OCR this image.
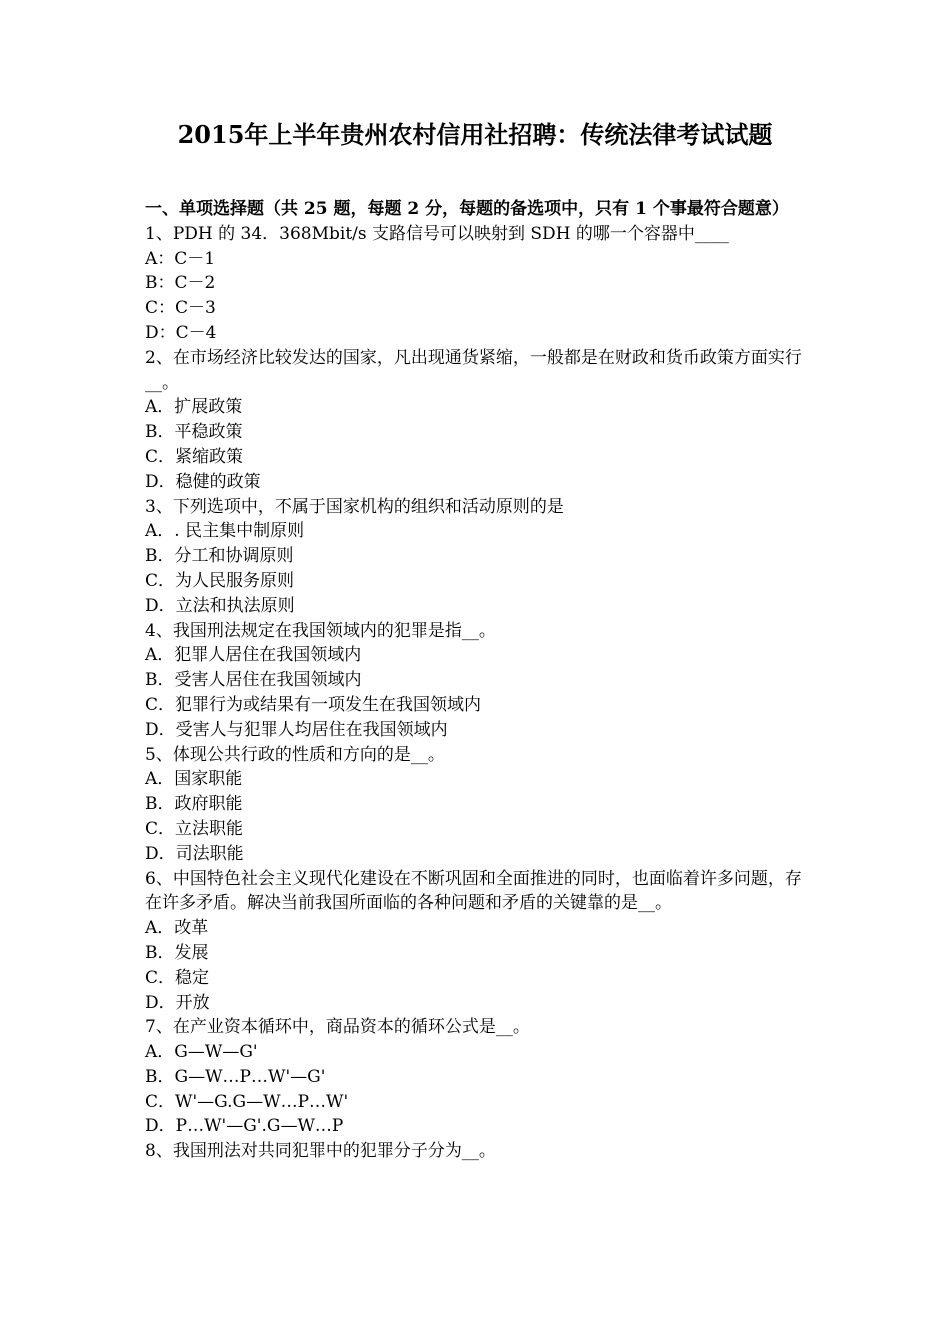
2015年上半年贵州农村信用社招聘：传统法律考试试题

一、单项选择题（共 25 题，每题 2 分，每题的备选项中，只有 1 个事最符合题意）

1、PDH 的 34．368Mbit/s 支路信号可以映射到 SDH 的哪一个容器中____

A：C－1

B：C－2

C：C－3

D：C－4

2、在市场经济比较发达的国家，凡出现通货紧缩，一般都是在财政和货币政策方面实行__。

A．扩展政策

B．平稳政策

C．紧缩政策

D．稳健的政策

3、下列选项中，不属于国家机构的组织和活动原则的是

A．. 民主集中制原则

B．分工和协调原则

C．为人民服务原则

D．立法和执法原则

4、我国刑法规定在我国领域内的犯罪是指__。

A．犯罪人居住在我国领域内

B．受害人居住在我国领域内

C．犯罪行为或结果有一项发生在我国领域内

D．受害人与犯罪人均居住在我国领域内

5、体现公共行政的性质和方向的是__。

A．国家职能

B．政府职能

C．立法职能

D．司法职能

6、中国特色社会主义现代化建设在不断巩固和全面推进的同时，也面临着许多问题，存在许多矛盾。解决当前我国所面临的各种问题和矛盾的关键靠的是__。

A．改革

B．发展

C．稳定

D．开放

7、在产业资本循环中，商品资本的循环公式是__。

A．G—W—G'

B．G—W…P…W'—G'

C．W'—G.G—W…P…W'

D．P…W'—G'.G—W…P

8、我国刑法对共同犯罪中的犯罪分子分为__。
